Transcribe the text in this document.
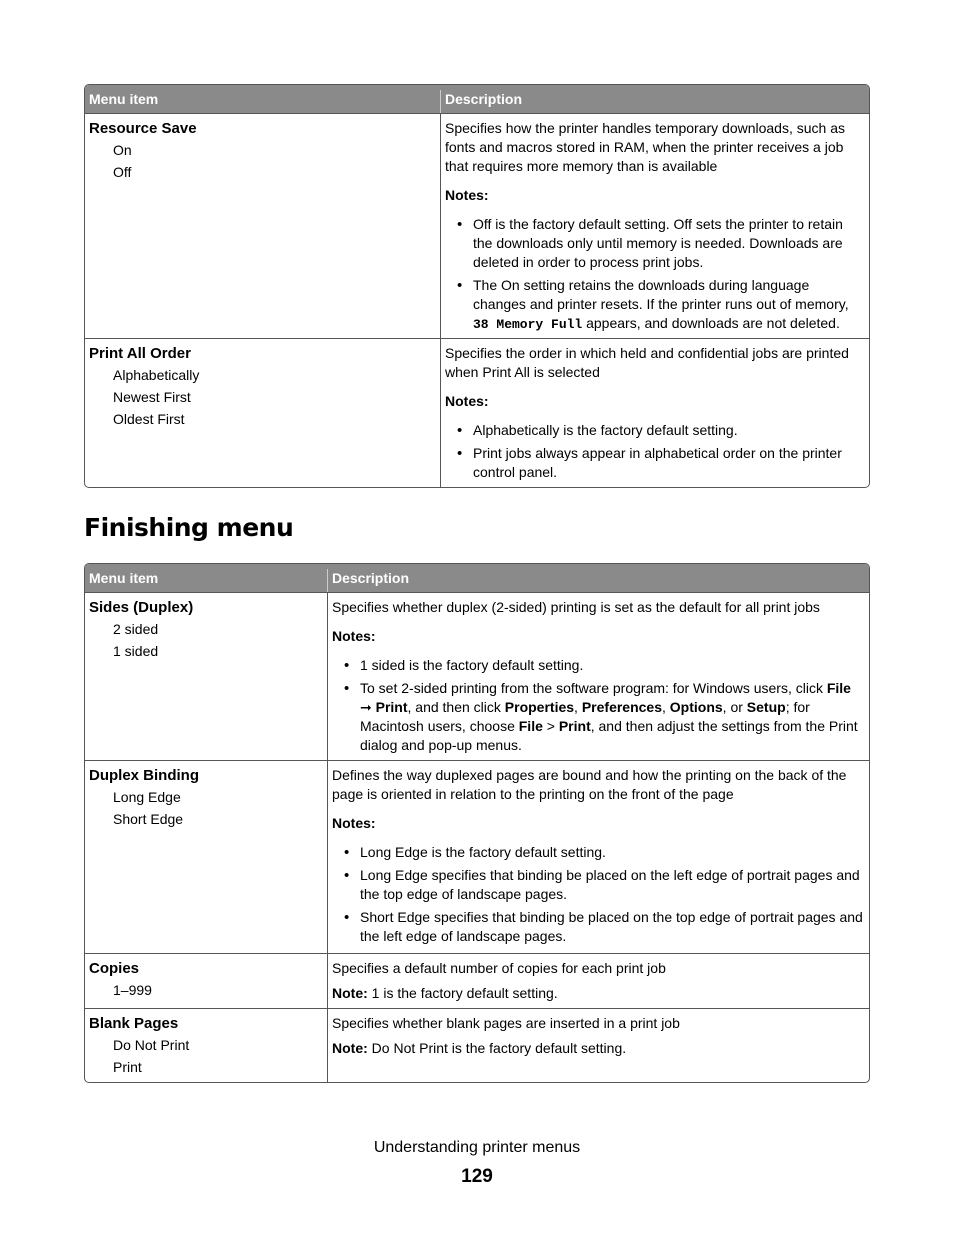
Menu item	Description
Resource Save
On
Off

Specifies how the printer handles temporary downloads, such as fonts and macros stored in RAM, when the printer receives a job that requires more memory than is available

Notes:

• Off is the factory default setting. Off sets the printer to retain the downloads only until memory is needed. Downloads are deleted in order to process print jobs.
• The On setting retains the downloads during language changes and printer resets. If the printer runs out of memory,
38 Memory Full appears, and downloads are not deleted.
Print All Order
Alphabetically
Newest First
Oldest First

Specifies the order in which held and confidential jobs are printed when Print All is selected

Notes:

• Alphabetically is the factory default setting.
• Print jobs always appear in alphabetical order on the printer control panel.
Finishing menu
Menu item	Description
Sides (Duplex)
2 sided
1 sided

Specifies whether duplex (2-sided) printing is set as the default for all print jobs

Notes:

• 1 sided is the factory default setting.
• To set 2-sided printing from the software program: for Windows users, click File ➞ Print, and then click Properties, Preferences, Options, or Setup; for Macintosh users, choose File > Print, and then adjust the settings from the Print dialog and pop-up menus.
Duplex Binding
Long Edge
Short Edge

Defines the way duplexed pages are bound and how the printing on the back of the page is oriented in relation to the printing on the front of the page

Notes:

• Long Edge is the factory default setting.
• Long Edge specifies that binding be placed on the left edge of portrait pages and the top edge of landscape pages.
• Short Edge specifies that binding be placed on the top edge of portrait pages and the left edge of landscape pages.
Copies
1–999

Specifies a default number of copies for each print job

Note: 1 is the factory default setting.

Blank Pages
Do Not Print
Print

Specifies whether blank pages are inserted in a print job

Note: Do Not Print is the factory default setting.

Understanding printer menus
129
